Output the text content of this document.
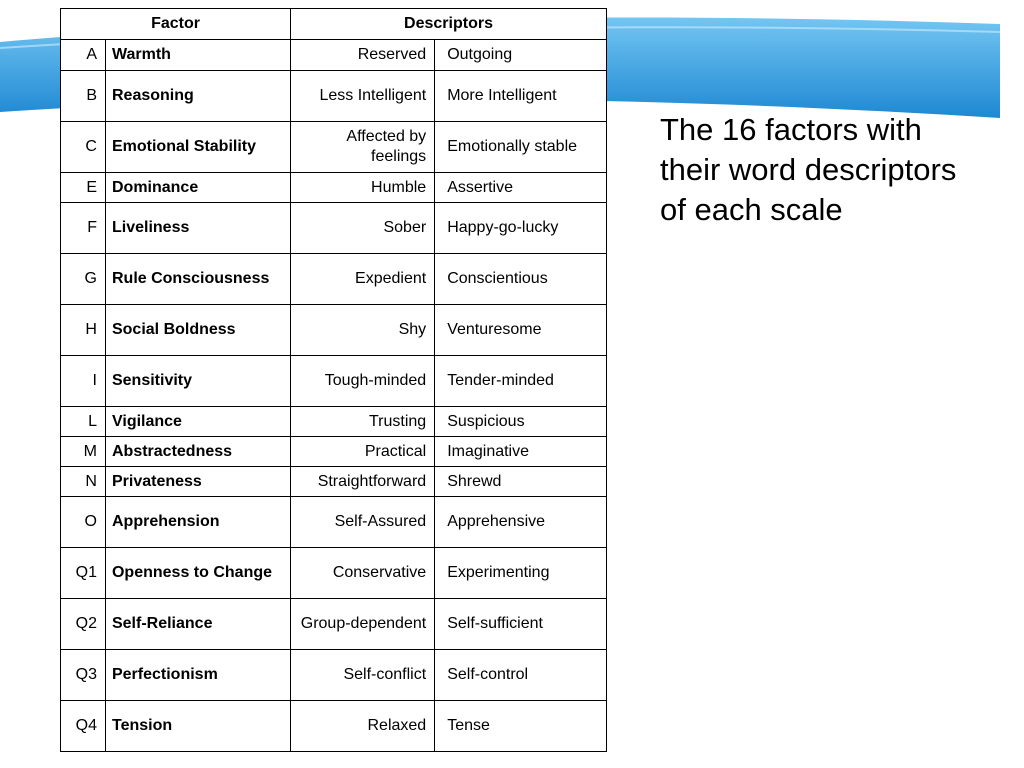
Factor		Descriptors	
A	Warmth	Reserved	Outgoing
B	Reasoning	Less Intelligent	More Intelligent
C	Emotional Stability	Affected by feelings	Emotionally stable
E	Dominance	Humble	Assertive
F	Liveliness	Sober	Happy-go-lucky
G	Rule Consciousness	Expedient	Conscientious
H	Social Boldness	Shy	Venturesome
I	Sensitivity	Tough-minded	Tender-minded
L	Vigilance	Trusting	Suspicious
M	Abstractedness	Practical	Imaginative
N	Privateness	Straightforward	Shrewd
O	Apprehension	Self-Assured	Apprehensive
Q1	Openness to Change	Conservative	Experimenting
Q2	Self-Reliance	Group-dependent	Self-sufficient
Q3	Perfectionism	Self-conflict	Self-control
Q4	Tension	Relaxed	Tense
The 16 factors with their word descriptors of each scale
